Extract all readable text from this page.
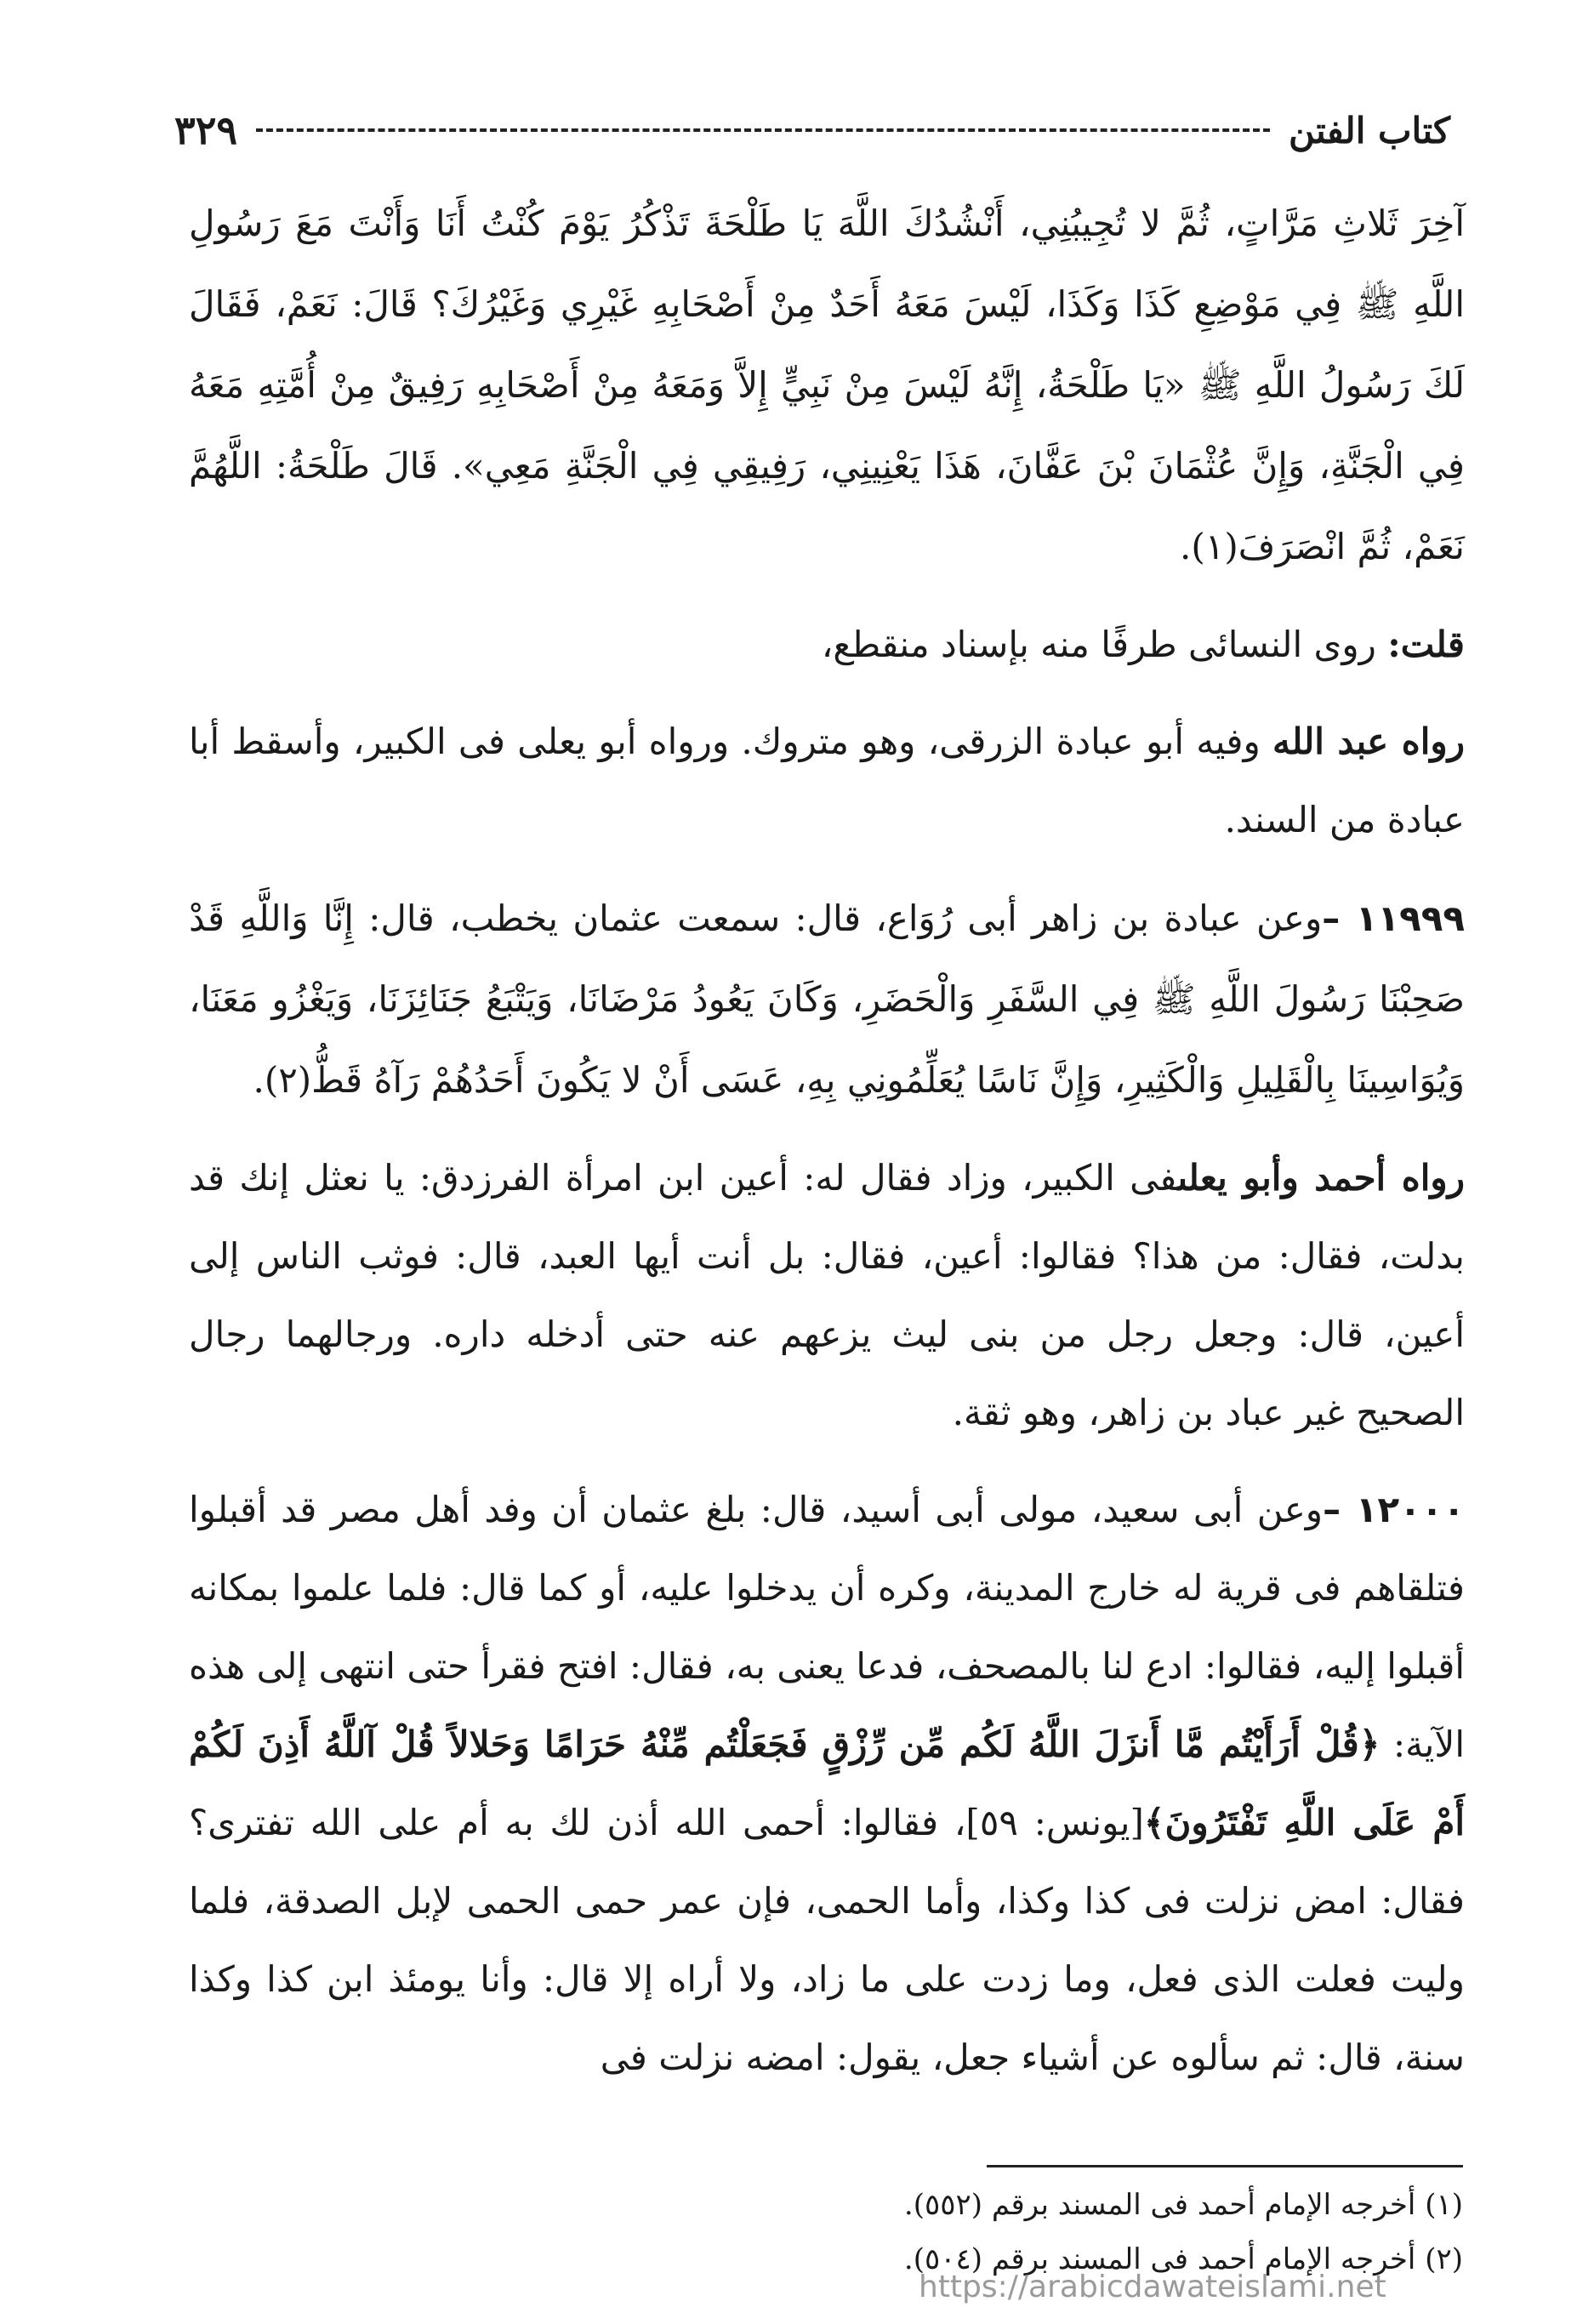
كتاب الفتن
٣٢٩

آخِرَ ثَلاثِ مَرَّاتٍ، ثُمَّ لا تُجِيبُنِي، أَنْشُدُكَ اللَّهَ يَا طَلْحَةَ تَذْكُرُ يَوْمَ كُنْتُ أَنَا وَأَنْتَ مَعَ رَسُولِ اللَّهِ ﷺ فِي مَوْضِعِ كَذَا وَكَذَا، لَيْسَ مَعَهُ أَحَدٌ مِنْ أَصْحَابِهِ غَيْرِي وَغَيْرُكَ؟ قَالَ: نَعَمْ، فَقَالَ لَكَ رَسُولُ اللَّهِ ﷺ «يَا طَلْحَةُ، إِنَّهُ لَيْسَ مِنْ نَبِيٍّ إِلاَّ وَمَعَهُ مِنْ أَصْحَابِهِ رَفِيقٌ مِنْ أُمَّتِهِ مَعَهُ فِي الْجَنَّةِ، وَإِنَّ عُثْمَانَ بْنَ عَفَّانَ، هَذَا يَعْنِينِي، رَفِيقِي فِي الْجَنَّةِ مَعِي». قَالَ طَلْحَةُ: اللَّهُمَّ نَعَمْ، ثُمَّ انْصَرَفَ(١).

قلت: روى النسائى طرفًا منه بإسناد منقطع،

رواه عبد الله وفيه أبو عبادة الزرقى، وهو متروك. ورواه أبو يعلى فى الكبير، وأسقط أبا عبادة من السند.

١١٩٩٩ –وعن عبادة بن زاهر أبى رُوَاع، قال: سمعت عثمان يخطب، قال: إِنَّا وَاللَّهِ قَدْ صَحِبْنَا رَسُولَ اللَّهِ ﷺ فِي السَّفَرِ وَالْحَضَرِ، وَكَانَ يَعُودُ مَرْضَانَا، وَيَتْبَعُ جَنَائِزَنَا، وَيَغْزُو مَعَنَا، وَيُوَاسِينَا بِالْقَلِيلِ وَالْكَثِيرِ، وَإِنَّ نَاسًا يُعَلِّمُونِي بِهِ، عَسَى أَنْ لا يَكُونَ أَحَدُهُمْ رَآهُ قَطُّ(٢).

رواه أحمد وأبو يعلىفى الكبير، وزاد فقال له: أعين ابن امرأة الفرزدق: يا نعثل إنك قد بدلت، فقال: من هذا؟ فقالوا: أعين، فقال: بل أنت أيها العبد، قال: فوثب الناس إلى أعين، قال: وجعل رجل من بنى ليث يزعهم عنه حتى أدخله داره. ورجالهما رجال الصحيح غير عباد بن زاهر، وهو ثقة.

١٢٠٠٠ –وعن أبى سعيد، مولى أبى أسيد، قال: بلغ عثمان أن وفد أهل مصر قد أقبلوا فتلقاهم فى قرية له خارج المدينة، وكره أن يدخلوا عليه، أو كما قال: فلما علموا بمكانه أقبلوا إليه، فقالوا: ادع لنا بالمصحف، فدعا يعنى به، فقال: افتح فقرأ حتى انتهى إلى هذه الآية: ﴿قُلْ أَرَأَيْتُم مَّا أَنزَلَ اللَّهُ لَكُم مِّن رِّزْقٍ فَجَعَلْتُم مِّنْهُ حَرَامًا وَحَلالاً قُلْ آللَّهُ أَذِنَ لَكُمْ أَمْ عَلَى اللَّهِ تَفْتَرُونَ﴾[يونس: ٥٩]، فقالوا: أحمى الله أذن لك به أم على الله تفترى؟ فقال: امض نزلت فى كذا وكذا، وأما الحمى، فإن عمر حمى الحمى لإبل الصدقة، فلما وليت فعلت الذى فعل، وما زدت على ما زاد، ولا أراه إلا قال: وأنا يومئذ ابن كذا وكذا سنة، قال: ثم سألوه عن أشياء جعل، يقول: امضه نزلت فى

(١) أخرجه الإمام أحمد فى المسند برقم (٥٥٢).
(٢) أخرجه الإمام أحمد فى المسند برقم (٥٠٤).
https://arabicdawateislami.net
